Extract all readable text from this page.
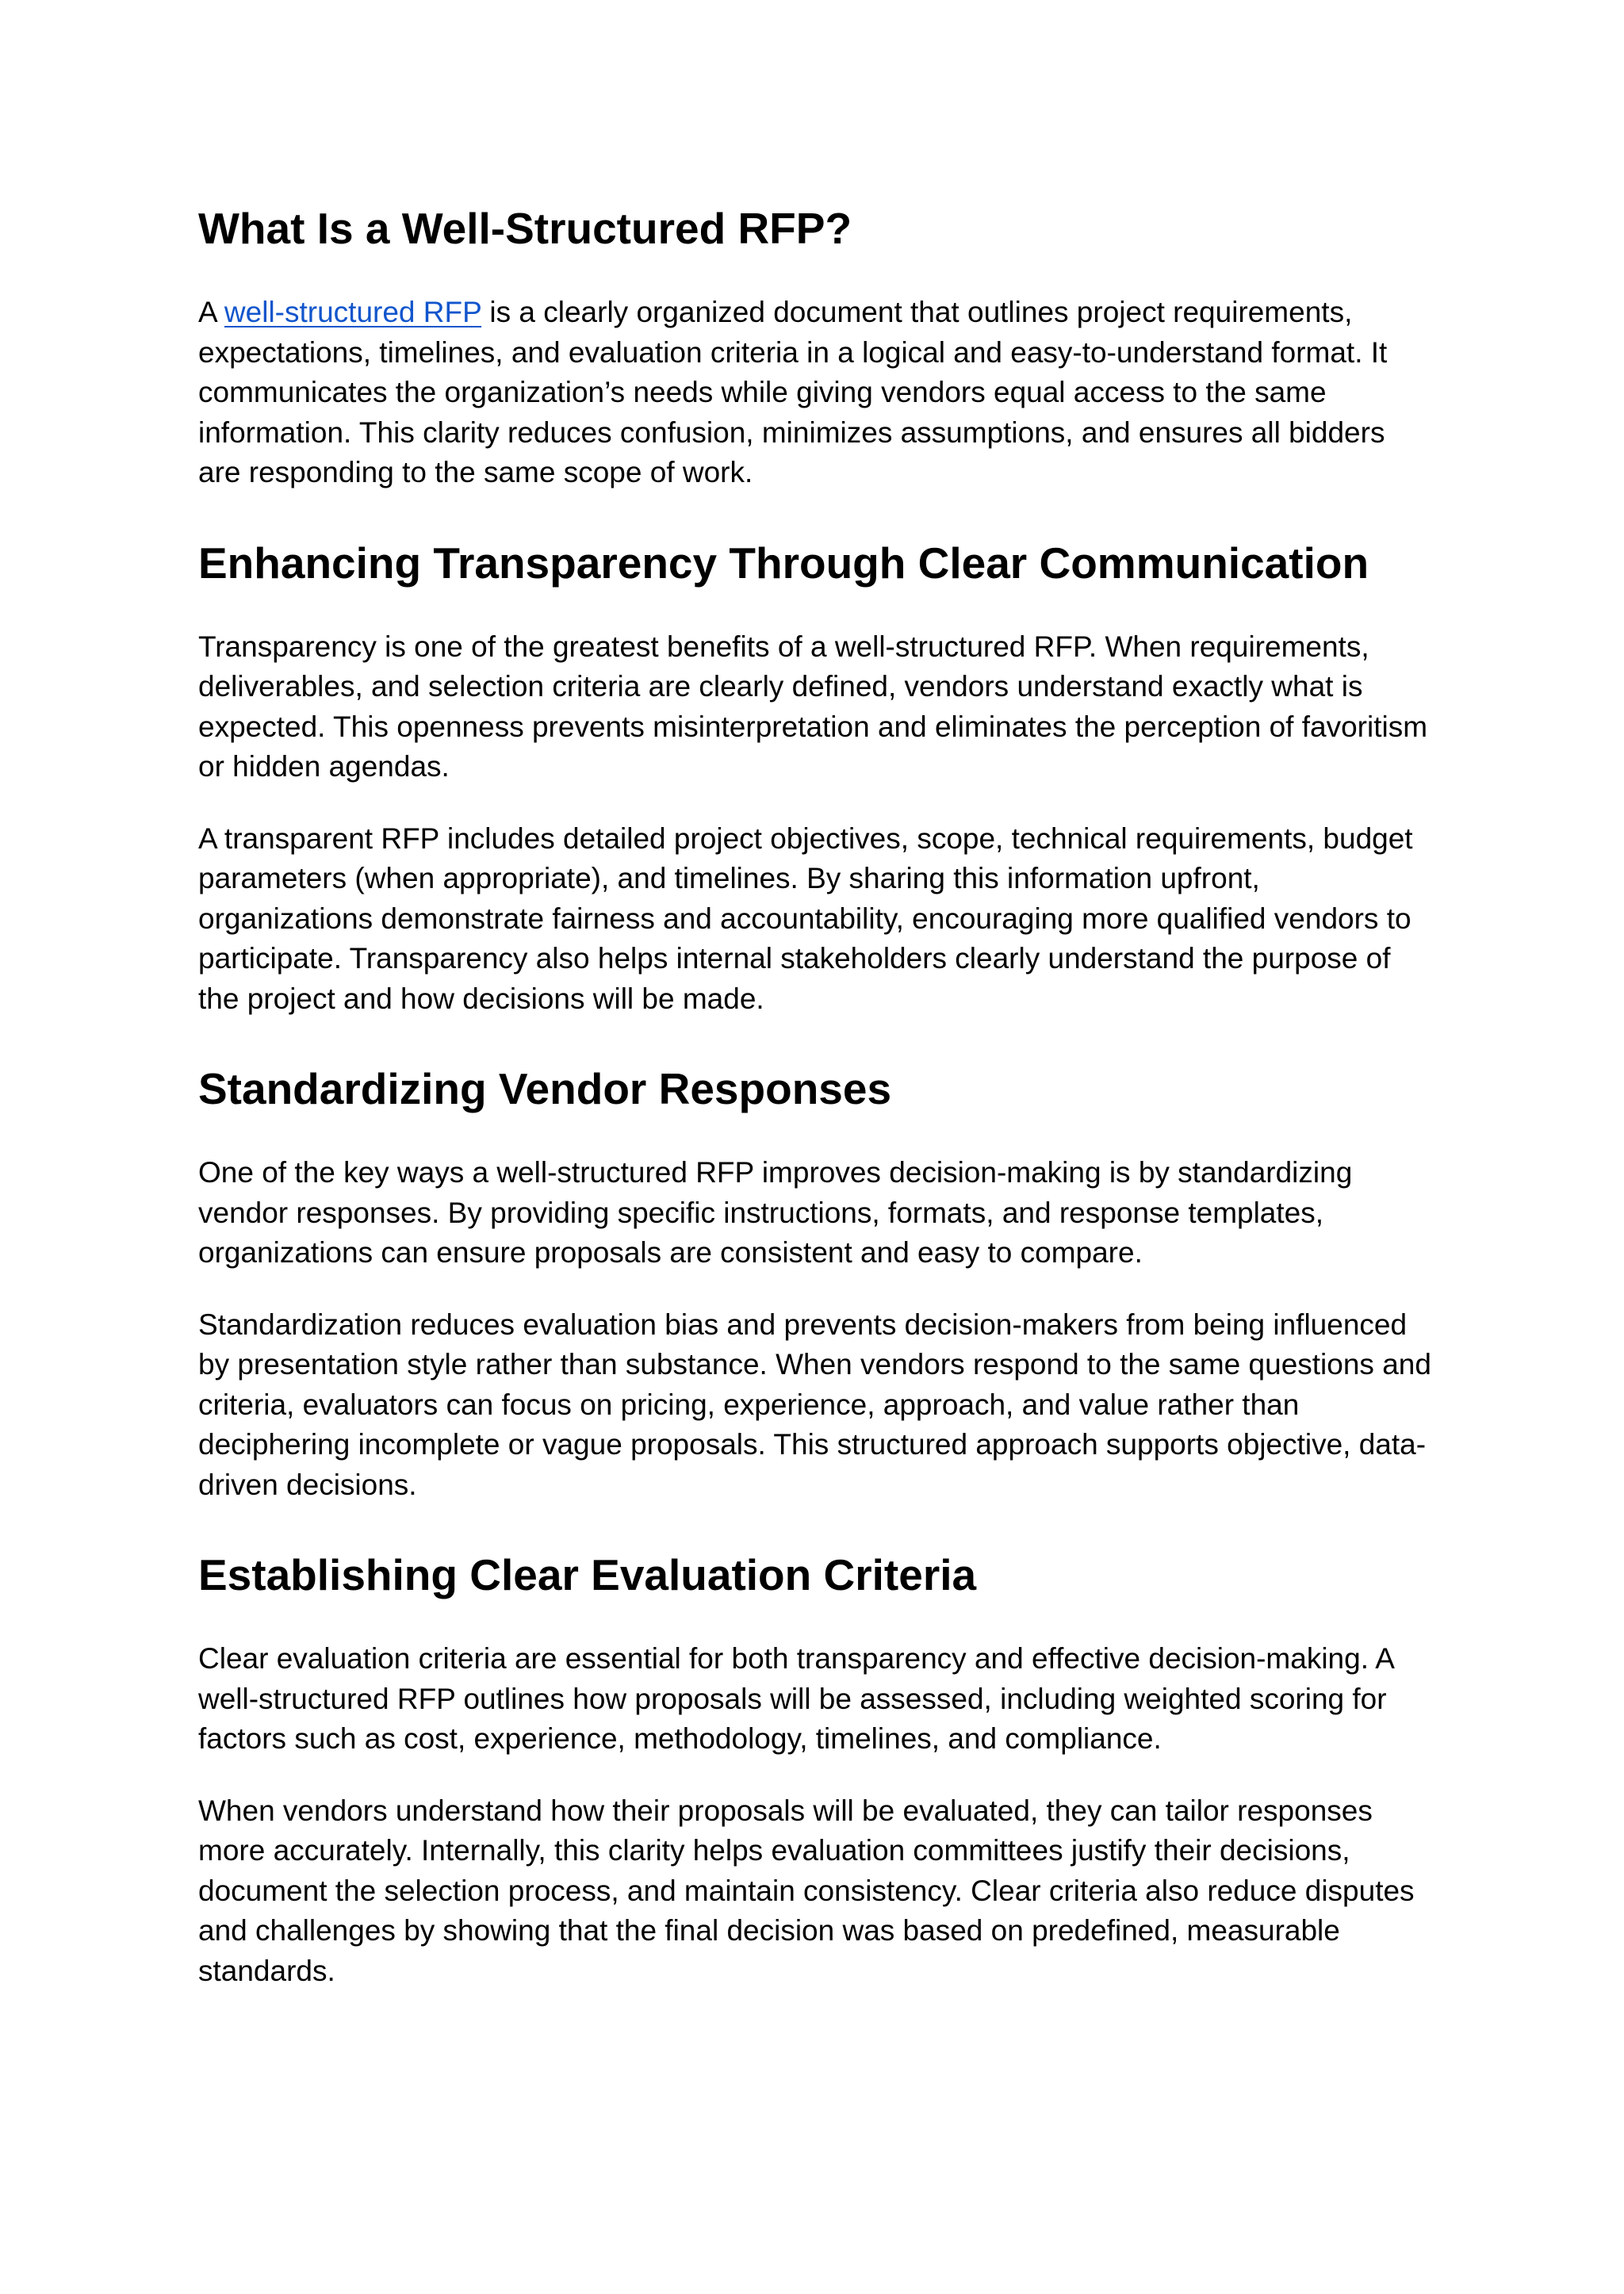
What Is a Well-Structured RFP?

A well-structured RFP is a clearly organized document that outlines project requirements, expectations, timelines, and evaluation criteria in a logical and easy-to-understand format. It communicates the organization’s needs while giving vendors equal access to the same information. This clarity reduces confusion, minimizes assumptions, and ensures all bidders are responding to the same scope of work.

Enhancing Transparency Through Clear Communication

Transparency is one of the greatest benefits of a well-structured RFP. When requirements, deliverables, and selection criteria are clearly defined, vendors understand exactly what is expected. This openness prevents misinterpretation and eliminates the perception of favoritism or hidden agendas.

A transparent RFP includes detailed project objectives, scope, technical requirements, budget parameters (when appropriate), and timelines. By sharing this information upfront, organizations demonstrate fairness and accountability, encouraging more qualified vendors to participate. Transparency also helps internal stakeholders clearly understand the purpose of the project and how decisions will be made.

Standardizing Vendor Responses

One of the key ways a well-structured RFP improves decision-making is by standardizing vendor responses. By providing specific instructions, formats, and response templates, organizations can ensure proposals are consistent and easy to compare.

Standardization reduces evaluation bias and prevents decision-makers from being influenced by presentation style rather than substance. When vendors respond to the same questions and criteria, evaluators can focus on pricing, experience, approach, and value rather than deciphering incomplete or vague proposals. This structured approach supports objective, data-driven decisions.

Establishing Clear Evaluation Criteria

Clear evaluation criteria are essential for both transparency and effective decision-making. A well-structured RFP outlines how proposals will be assessed, including weighted scoring for factors such as cost, experience, methodology, timelines, and compliance.

When vendors understand how their proposals will be evaluated, they can tailor responses more accurately. Internally, this clarity helps evaluation committees justify their decisions, document the selection process, and maintain consistency. Clear criteria also reduce disputes and challenges by showing that the final decision was based on predefined, measurable standards.
